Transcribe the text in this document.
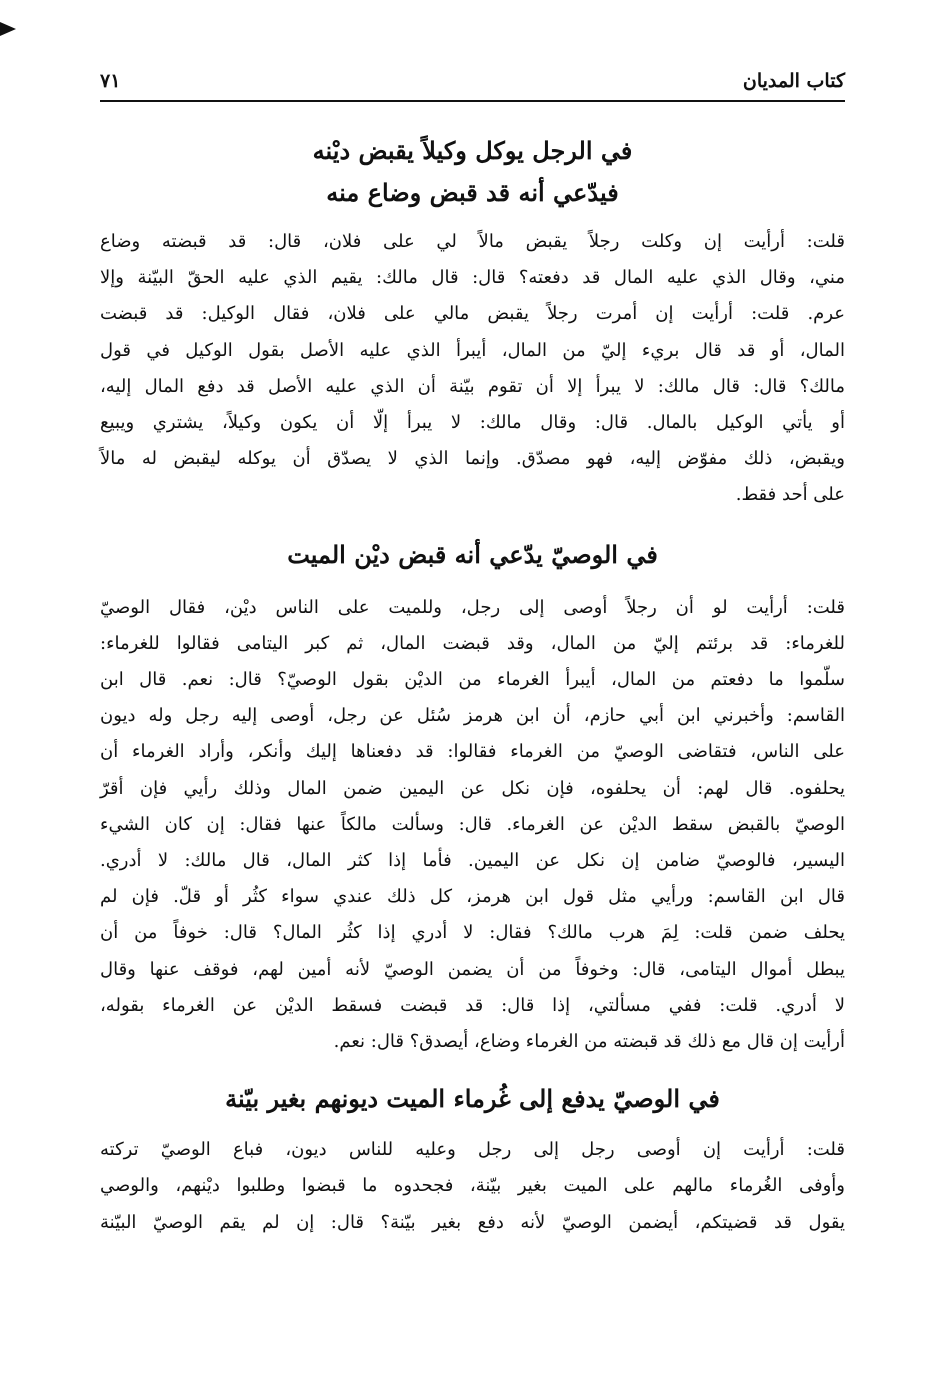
كتاب المديان
٧١
في الرجل يوكل وكيلاً يقبض ديْنه
فيدّعي أنه قد قبض وضاع منه

قلت: أرأيت إن وكلت رجلاً يقبض مالاً لي على فلان، قال: قد قبضته وضاع

مني، وقال الذي عليه المال قد دفعته؟ قال: قال مالك: يقيم الذي عليه الحقّ البيّنة وإلا

عرم. قلت: أرأيت إن أمرت رجلاً يقبض مالي على فلان، فقال الوكيل: قد قبضت

المال، أو قد قال بريء إليّ من المال، أيبرأ الذي عليه الأصل بقول الوكيل في قول

مالك؟ قال: قال مالك: لا يبرأ إلا أن تقوم بيّنة أن الذي عليه الأصل قد دفع المال إليه،

أو يأتي الوكيل بالمال. قال: وقال مالك: لا يبرأ إلّا أن يكون وكيلاً، يشتري ويبيع

ويقبض، ذلك مفوّض إليه، فهو مصدّق. وإنما الذي لا يصدّق أن يوكله ليقبض له مالاً

على أحد فقط.

في الوصيّ يدّعي أنه قبض ديْن الميت

قلت: أرأيت لو أن رجلاً أوصى إلى رجل، وللميت على الناس ديْن، فقال الوصيّ

للغرماء: قد برئتم إليّ من المال، وقد قبضت المال، ثم كبر اليتامى فقالوا للغرماء:

سلّموا ما دفعتم من المال، أيبرأ الغرماء من الديْن بقول الوصيّ؟ قال: نعم. قال ابن

القاسم: وأخبرني ابن أبي حازم، أن ابن هرمز سُئل عن رجل، أوصى إليه رجل وله ديون

على الناس، فتقاضى الوصيّ من الغرماء فقالوا: قد دفعناها إليك وأنكر، وأراد الغرماء أن

يحلفوه. قال لهم: أن يحلفوه، فإن نكل عن اليمين ضمن المال وذلك رأيي فإن أقرّ

الوصيّ بالقبض سقط الديْن عن الغرماء. قال: وسألت مالكاً عنها فقال: إن كان الشيء

اليسير، فالوصيّ ضامن إن نكل عن اليمين. فأما إذا كثر المال، قال مالك: لا أدري.

قال ابن القاسم: ورأيي مثل قول ابن هرمز، كل ذلك عندي سواء كثُر أو قلّ. فإن لم

يحلف ضمن قلت: لِمَ هرب مالك؟ فقال: لا أدري إذا كثُر المال؟ قال: خوفاً من أن

يبطل أموال اليتامى، قال: وخوفاً من أن يضمن الوصيّ لأنه أمين لهم، فوقف عنها وقال

لا أدري. قلت: ففي مسألتي، إذا قال: قد قبضت فسقط الديْن عن الغرماء بقوله،

أرأيت إن قال مع ذلك قد قبضته من الغرماء وضاع، أيصدق؟ قال: نعم.

في الوصيّ يدفع إلى غُرماء الميت ديونهم بغير بيّنة

قلت: أرأيت إن أوصى رجل إلى رجل وعليه للناس ديون، فباع الوصيّ تركته

وأوفى الغُرماء مالهم على الميت بغير بيّنة، فجحدوه ما قبضوا وطلبوا ديْنهم، والوصي

يقول قد قضيتكم، أيضمن الوصيّ لأنه دفع بغير بيّنة؟ قال: إن لم يقم الوصيّ البيّنة
